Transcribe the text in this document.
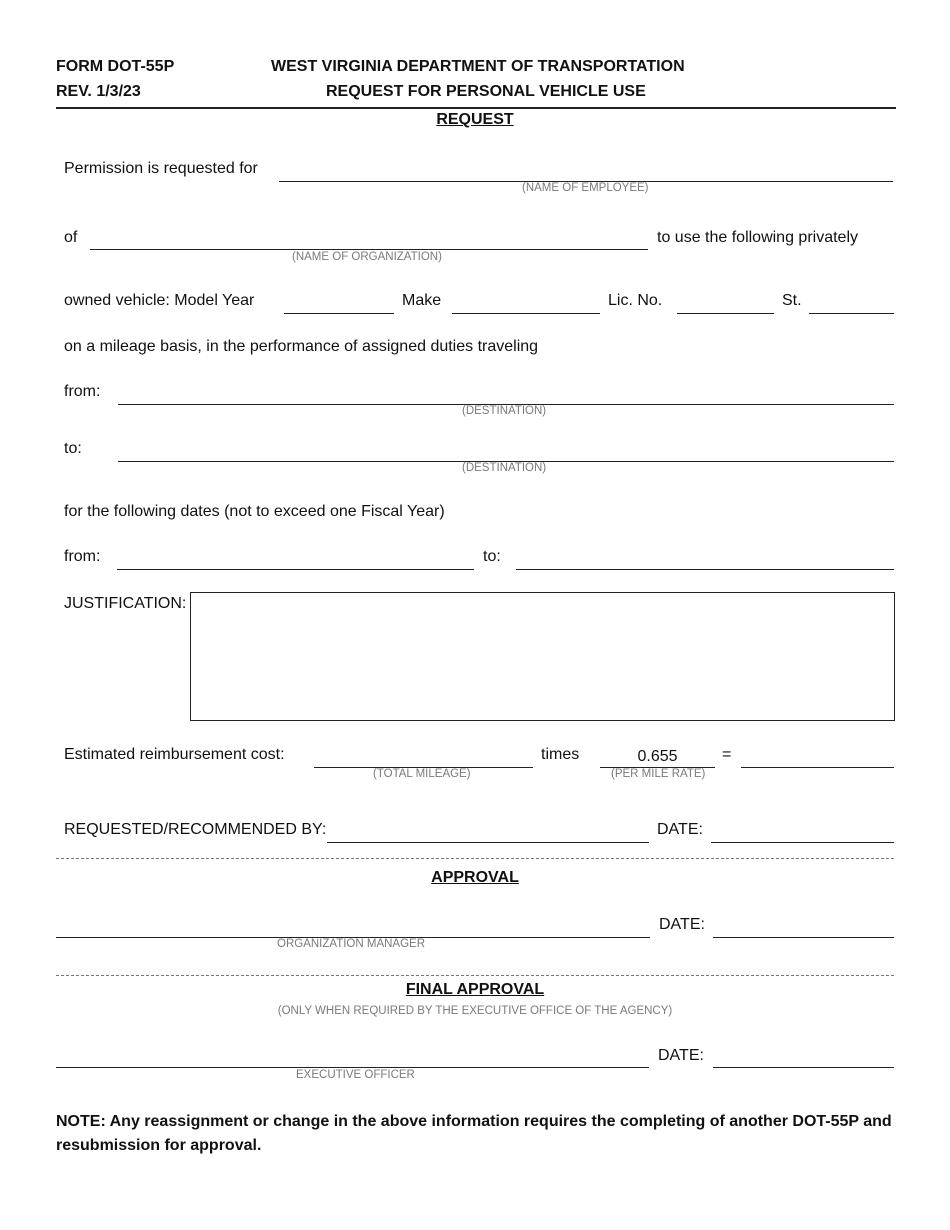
FORM DOT-55P
REV. 1/3/23
WEST VIRGINIA DEPARTMENT OF TRANSPORTATION
REQUEST FOR PERSONAL VEHICLE USE
REQUEST
Permission is requested for
(NAME OF EMPLOYEE)
of	to use the following privately
(NAME OF ORGANIZATION)
owned vehicle: Model Year	Make	Lic. No.	St.
on a mileage basis, in the performance of assigned duties traveling
from:
(DESTINATION)
to:
(DESTINATION)
for the following dates (not to exceed one Fiscal Year)
from:	to:
JUSTIFICATION:
Estimated reimbursement cost:
(TOTAL MILEAGE)
times
0.655
(PER MILE RATE)
=
REQUESTED/RECOMMENDED BY:	DATE:
APPROVAL
DATE:
ORGANIZATION MANAGER
FINAL APPROVAL
(ONLY WHEN REQUIRED BY THE EXECUTIVE OFFICE OF THE AGENCY)
DATE:
EXECUTIVE OFFICER
NOTE: Any reassignment or change in the above information requires the completing of another DOT-55P and resubmission for approval.
